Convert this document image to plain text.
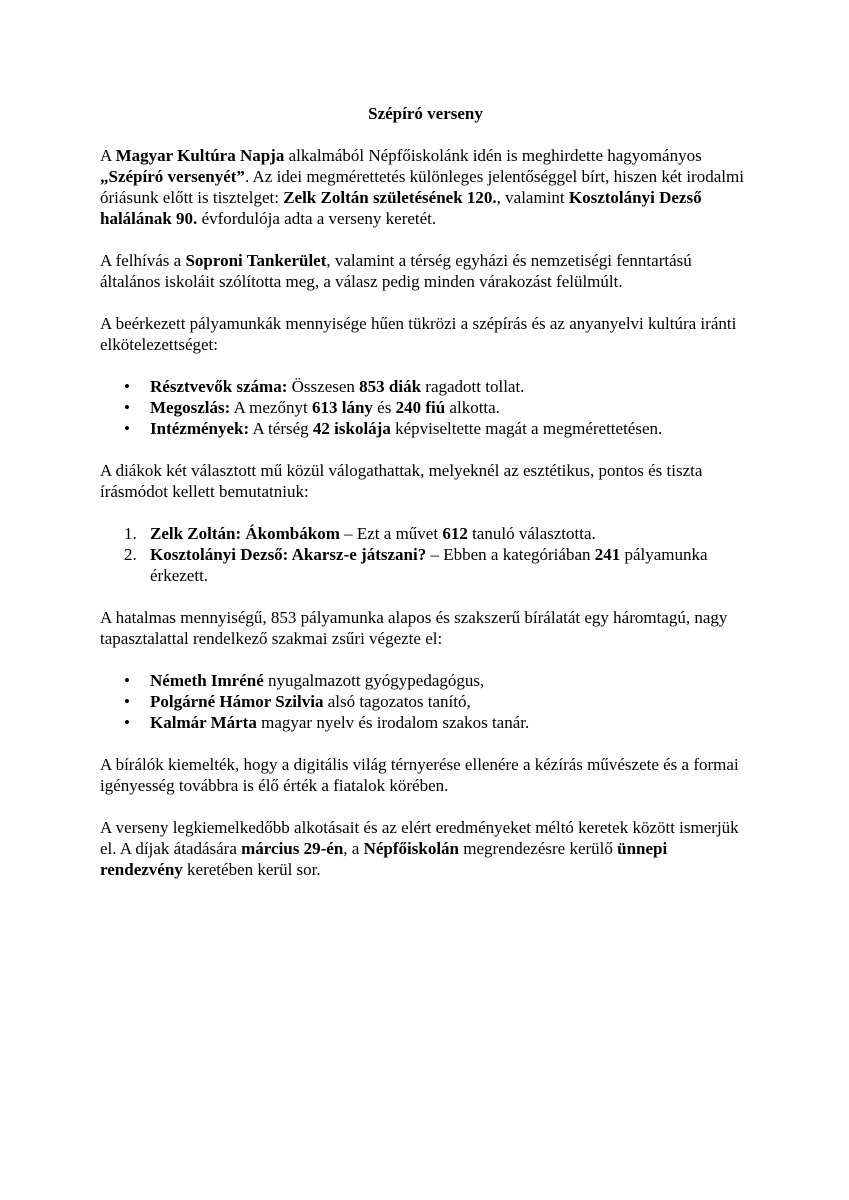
Szépíró verseny

A Magyar Kultúra Napja alkalmából Népfőiskolánk idén is meghirdette hagyományos „Szépíró versenyét”. Az idei megmérettetés különleges jelentőséggel bírt, hiszen két irodalmi óriásunk előtt is tisztelget: Zelk Zoltán születésének 120., valamint Kosztolányi Dezső halálának 90. évfordulója adta a verseny keretét.

A felhívás a Soproni Tankerület, valamint a térség egyházi és nemzetiségi fenntartású általános iskoláit szólította meg, a válasz pedig minden várakozást felülmúlt.

A beérkezett pályamunkák mennyisége hűen tükrözi a szépírás és az anyanyelvi kultúra iránti elkötelezettséget:

•	Résztvevők száma: Összesen 853 diák ragadott tollat.
•	Megoszlás: A mezőnyt 613 lány és 240 fiú alkotta.
•	Intézmények: A térség 42 iskolája képviseltette magát a megmérettetésen.

A diákok két választott mű közül válogathattak, melyeknél az esztétikus, pontos és tiszta írásmódot kellett bemutatniuk:

1. Zelk Zoltán: Ákombákom – Ezt a művet 612 tanuló választotta.
2. Kosztolányi Dezső: Akarsz-e játszani? – Ebben a kategóriában 241 pályamunka érkezett.

A hatalmas mennyiségű, 853 pályamunka alapos és szakszerű bírálatát egy háromtagú, nagy tapasztalattal rendelkező szakmai zsűri végezte el:

•	Németh Imréné nyugalmazott gyógypedagógus,
•	Polgárné Hámor Szilvia alsó tagozatos tanító,
•	Kalmár Márta magyar nyelv és irodalom szakos tanár.

A bírálók kiemelték, hogy a digitális világ térnyerése ellenére a kézírás művészete és a formai igényesség továbbra is élő érték a fiatalok körében.

A verseny legkiemelkedőbb alkotásait és az elért eredményeket méltó keretek között ismerjük el. A díjak átadására március 29-én, a Népfőiskolán megrendezésre kerülő ünnepi rendezvény keretében kerül sor.
